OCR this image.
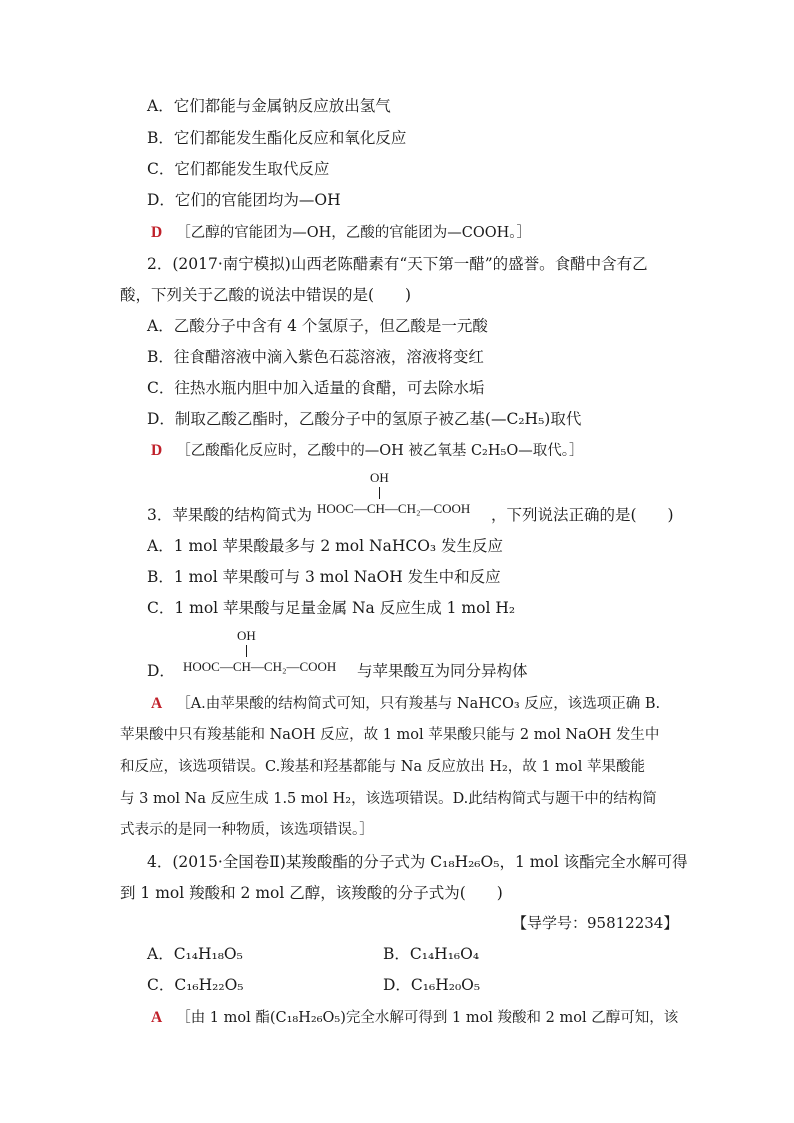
A．它们都能与金属钠反应放出氢气
B．它们都能发生酯化反应和氧化反应
C．它们都能发生取代反应
D．它们的官能团均为—OH
D ［乙醇的官能团为—OH，乙酸的官能团为—COOH。］
2．(2017·南宁模拟)山西老陈醋素有“天下第一醋”的盛誉。食醋中含有乙
酸，下列关于乙酸的说法中错误的是(　　)
A．乙酸分子中含有 4 个氢原子，但乙酸是一元酸
B．往食醋溶液中滴入紫色石蕊溶液，溶液将变红
C．往热水瓶内胆中加入适量的食醋，可去除水垢
D．制取乙酸乙酯时，乙酸分子中的氢原子被乙基(—C₂H₅)取代
D ［乙酸酯化反应时，乙酸中的—OH 被乙氧基 C₂H₅O—取代。］
3．苹果酸的结构简式为
OH
HOOC—CH—CH₂—COOH ，下列说法正确的是(　　)
A．1 mol 苹果酸最多与 2 mol NaHCO₃ 发生反应
B．1 mol 苹果酸可与 3 mol NaOH 发生中和反应
C．1 mol 苹果酸与足量金属 Na 反应生成 1 mol H₂
D．
OH
HOOC—CH—CH₂—COOH 与苹果酸互为同分异构体
A ［A.由苹果酸的结构简式可知，只有羧基与 NaHCO₃ 反应，该选项正确 B.
苹果酸中只有羧基能和 NaOH 反应，故 1 mol 苹果酸只能与 2 mol NaOH 发生中
和反应，该选项错误。C.羧基和羟基都能与 Na 反应放出 H₂，故 1 mol 苹果酸能
与 3 mol Na 反应生成 1.5 mol H₂，该选项错误。D.此结构简式与题干中的结构简
式表示的是同一种物质，该选项错误。］
4．(2015·全国卷Ⅱ)某羧酸酯的分子式为 C₁₈H₂₆O₅，1 mol 该酯完全水解可得
到 1 mol 羧酸和 2 mol 乙醇，该羧酸的分子式为(　　)
【导学号：95812234】
A．C₁₄H₁₈O₅	B．C₁₄H₁₆O₄
C．C₁₆H₂₂O₅	D．C₁₆H₂₀O₅
A ［由 1 mol 酯(C₁₈H₂₆O₅)完全水解可得到 1 mol 羧酸和 2 mol 乙醇可知，该
